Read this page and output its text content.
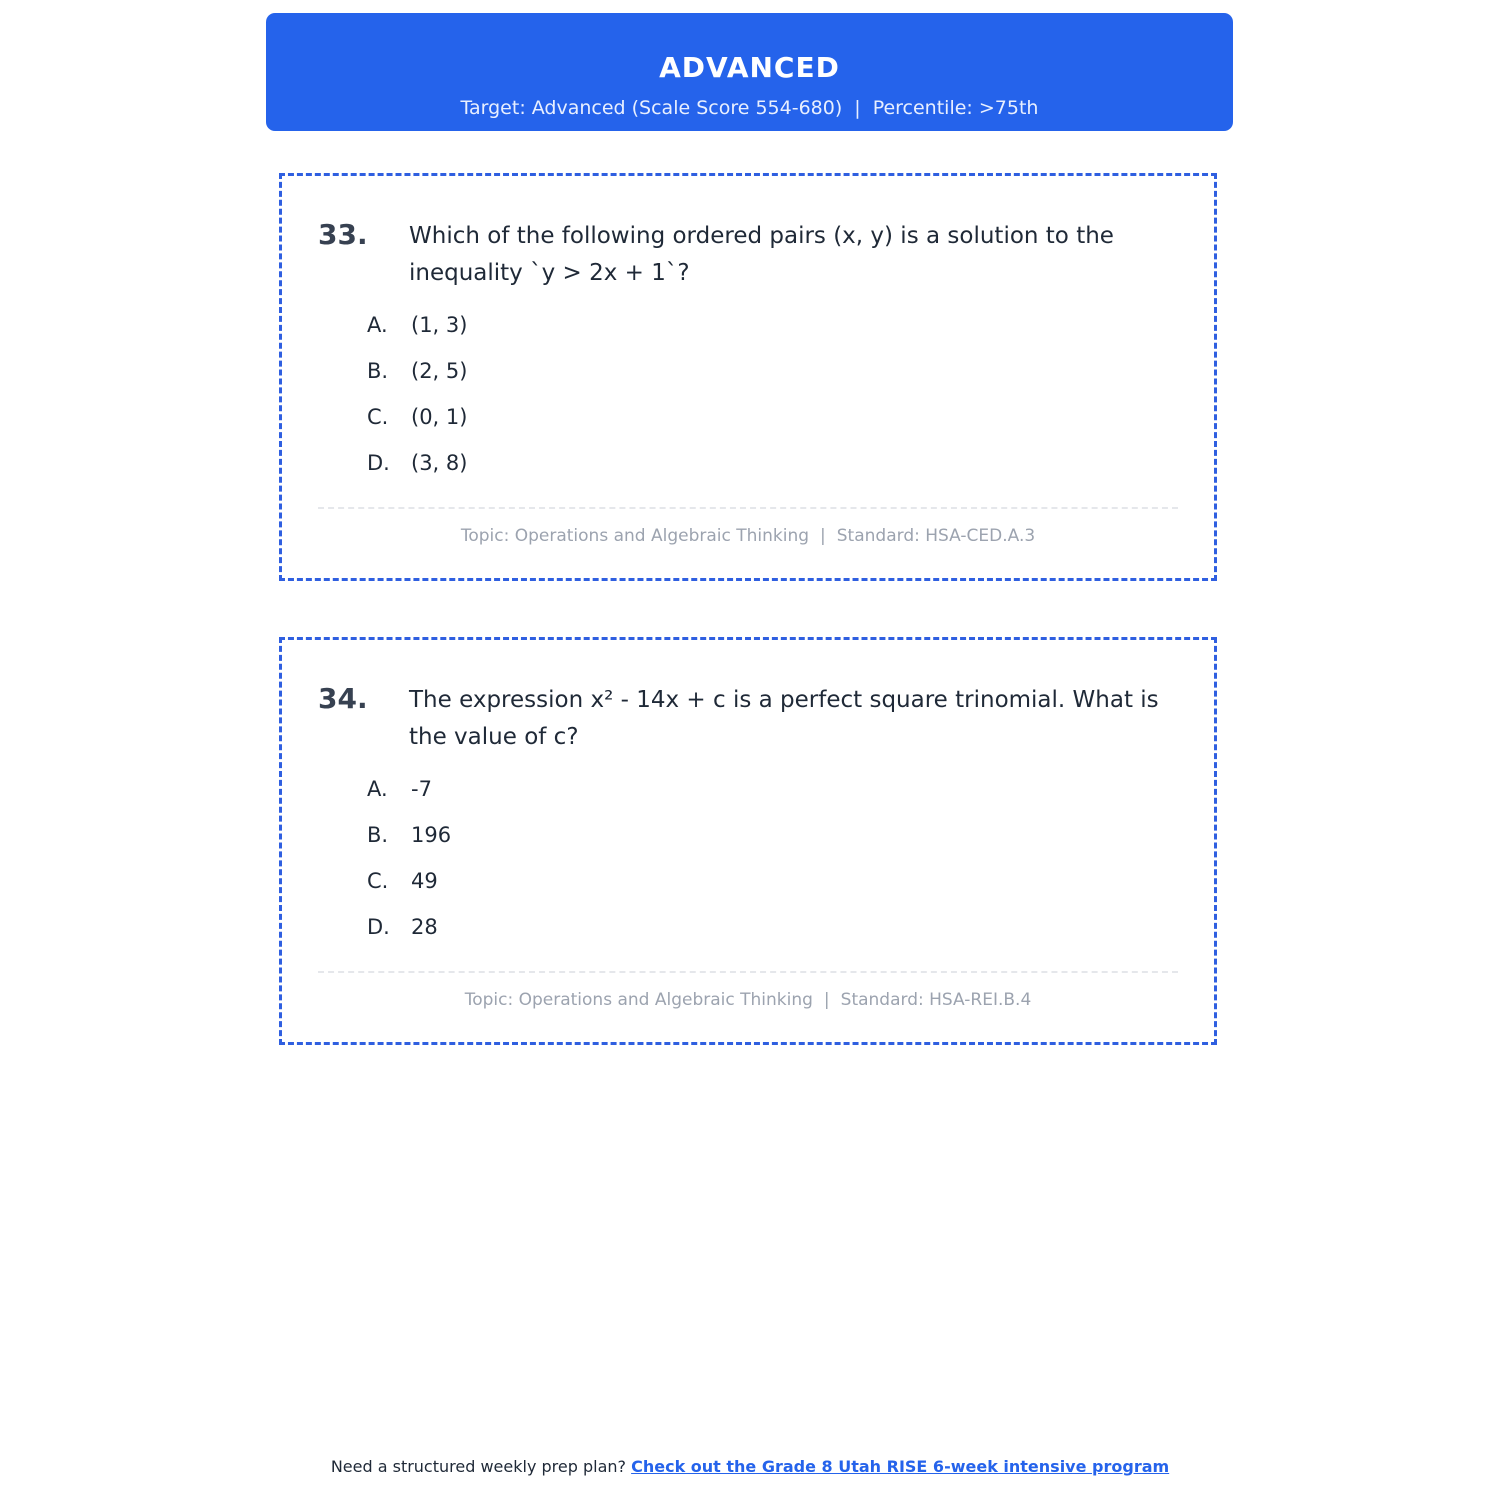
ADVANCED
Target: Advanced (Scale Score 554-680) | Percentile: >75th
33. Which of the following ordered pairs (x, y) is a solution to the inequality `y > 2x + 1`?
A. (1, 3)
B. (2, 5)
C. (0, 1)
D. (3, 8)
Topic: Operations and Algebraic Thinking | Standard: HSA-CED.A.3
34. The expression x² - 14x + c is a perfect square trinomial. What is the value of c?
A. -7
B. 196
C. 49
D. 28
Topic: Operations and Algebraic Thinking | Standard: HSA-REI.B.4
Need a structured weekly prep plan? Check out the Grade 8 Utah RISE 6-week intensive program
